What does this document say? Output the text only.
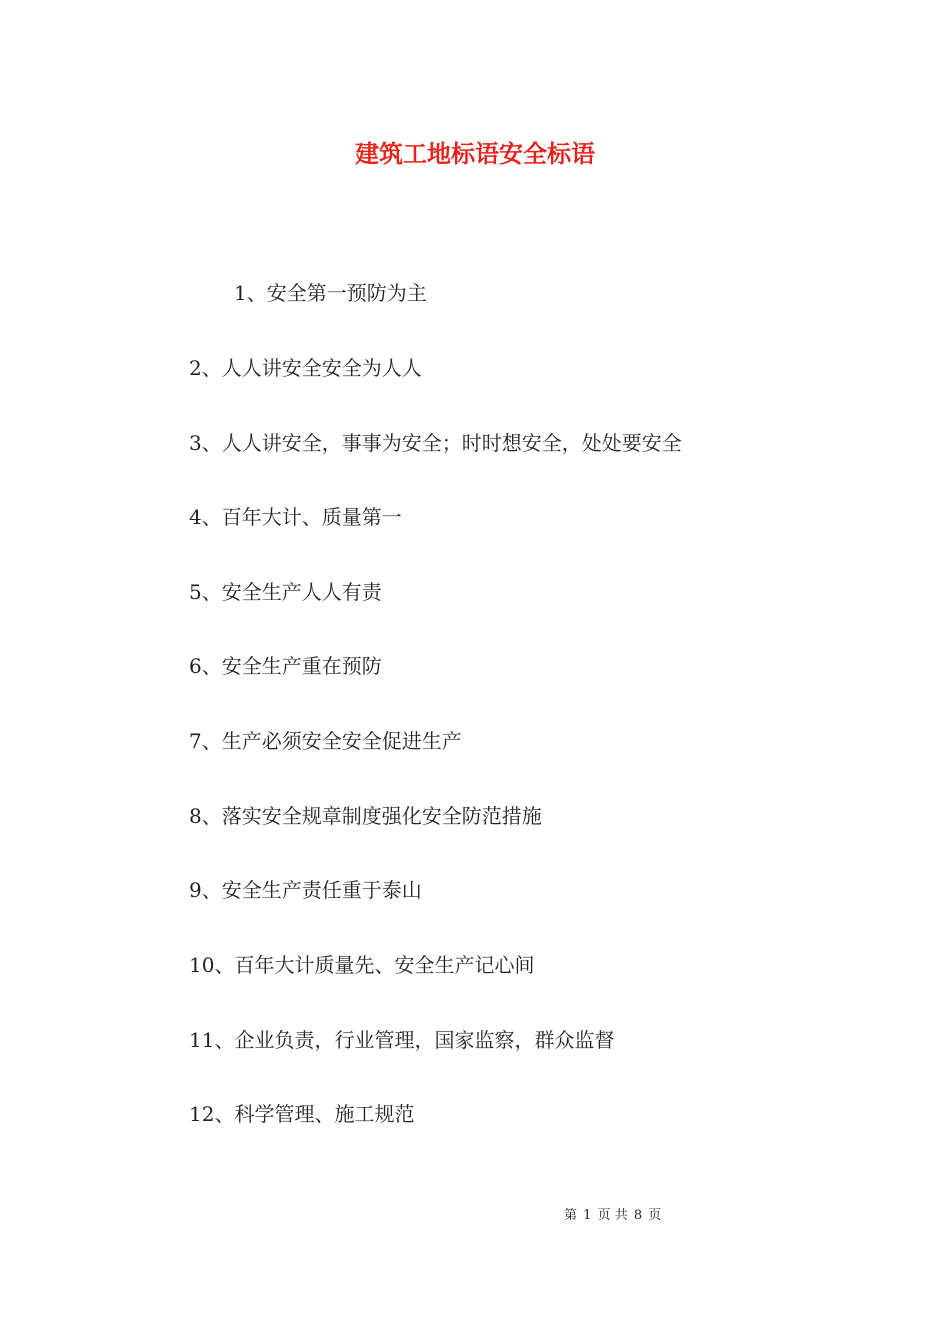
建筑工地标语安全标语
1、安全第一预防为主
2、人人讲安全安全为人人
3、人人讲安全，事事为安全；时时想安全，处处要安全
4、百年大计、质量第一
5、安全生产人人有责
6、安全生产重在预防
7、生产必须安全安全促进生产
8、落实安全规章制度强化安全防范措施
9、安全生产责任重于泰山
10、百年大计质量先、安全生产记心间
11、企业负责，行业管理，国家监察，群众监督
12、科学管理、施工规范
第 1 页 共 8 页
